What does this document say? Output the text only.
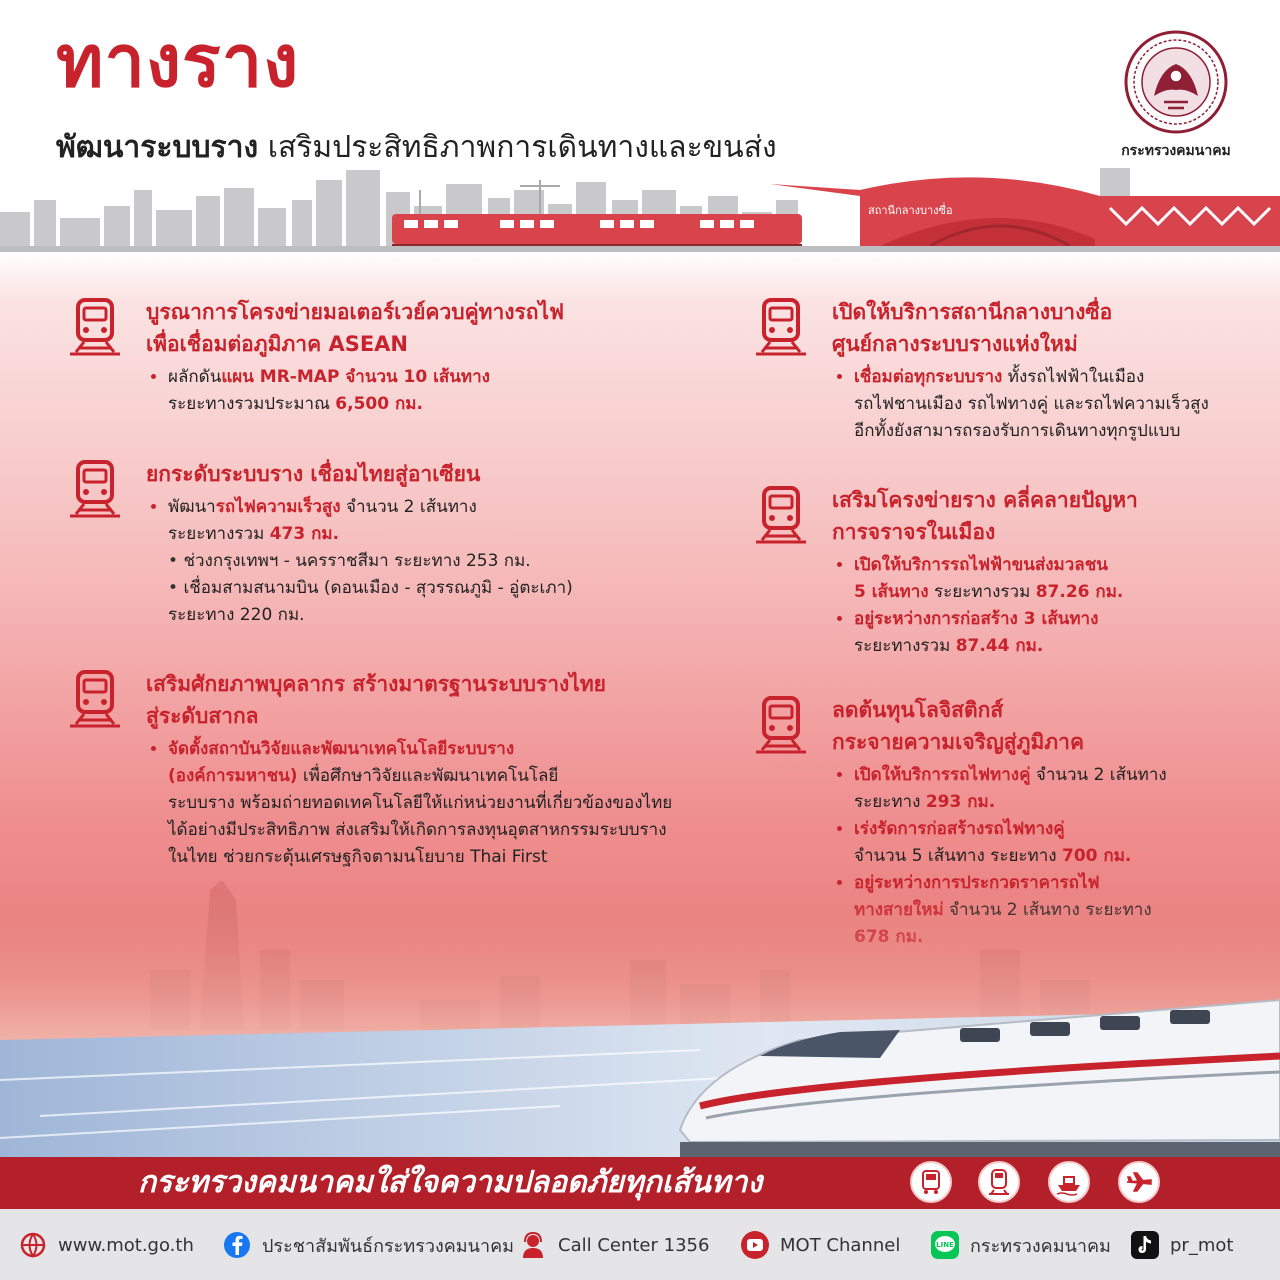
ทางราง

พัฒนาระบบราง เสริมประสิทธิภาพการเดินทางและขนส่ง	กระทรวงคมนาคม
สถานีกลางบางซื่อ
บูรณาการโครงข่ายมอเตอร์เวย์ควบคู่ทางรถไฟ
เพื่อเชื่อมต่อภูมิภาค ASEAN
• ผลักดันแผน MR-MAP จำนวน 10 เส้นทาง
ระยะทางรวมประมาณ 6,500 กม.
ยกระดับระบบราง เชื่อมไทยสู่อาเซียน
• พัฒนารถไฟความเร็วสูง จำนวน 2 เส้นทาง
ระยะทางรวม 473 กม.
• ช่วงกรุงเทพฯ - นครราชสีมา ระยะทาง 253 กม.
• เชื่อมสามสนามบิน (ดอนเมือง - สุวรรณภูมิ - อู่ตะเภา)
ระยะทาง 220 กม.
เสริมศักยภาพบุคลากร สร้างมาตรฐานระบบรางไทย
สู่ระดับสากล
• จัดตั้งสถาบันวิจัยและพัฒนาเทคโนโลยีระบบราง
(องค์การมหาชน) เพื่อศึกษาวิจัยและพัฒนาเทคโนโลยี
ระบบราง พร้อมถ่ายทอดเทคโนโลยีให้แก่หน่วยงานที่เกี่ยวข้องของไทย
ได้อย่างมีประสิทธิภาพ ส่งเสริมให้เกิดการลงทุนอุตสาหกรรมระบบราง
ในไทย ช่วยกระตุ้นเศรษฐกิจตามนโยบาย Thai First
เปิดให้บริการสถานีกลางบางซื่อ
ศูนย์กลางระบบรางแห่งใหม่
• เชื่อมต่อทุกระบบราง ทั้งรถไฟฟ้าในเมือง
รถไฟชานเมือง รถไฟทางคู่ และรถไฟความเร็วสูง
อีกทั้งยังสามารถรองรับการเดินทางทุกรูปแบบ
เสริมโครงข่ายราง คลี่คลายปัญหา
การจราจรในเมือง
• เปิดให้บริการรถไฟฟ้าขนส่งมวลชน
5 เส้นทาง ระยะทางรวม 87.26 กม.
• อยู่ระหว่างการก่อสร้าง 3 เส้นทาง
ระยะทางรวม 87.44 กม.
ลดต้นทุนโลจิสติกส์
กระจายความเจริญสู่ภูมิภาค
• เปิดให้บริการรถไฟทางคู่ จำนวน 2 เส้นทาง
ระยะทาง 293 กม.
• เร่งรัดการก่อสร้างรถไฟทางคู่
จำนวน 5 เส้นทาง ระยะทาง 700 กม.
•

กระทรวงคมนาคมใส่ใจความปลอดภัยทุกเส้นทาง
www.mot.go.th	ประชาสัมพันธ์กระทรวงคมนาคม Call Center 1356	MOT Channel	LINE กระทรวงคมนาคม	pr_mot
